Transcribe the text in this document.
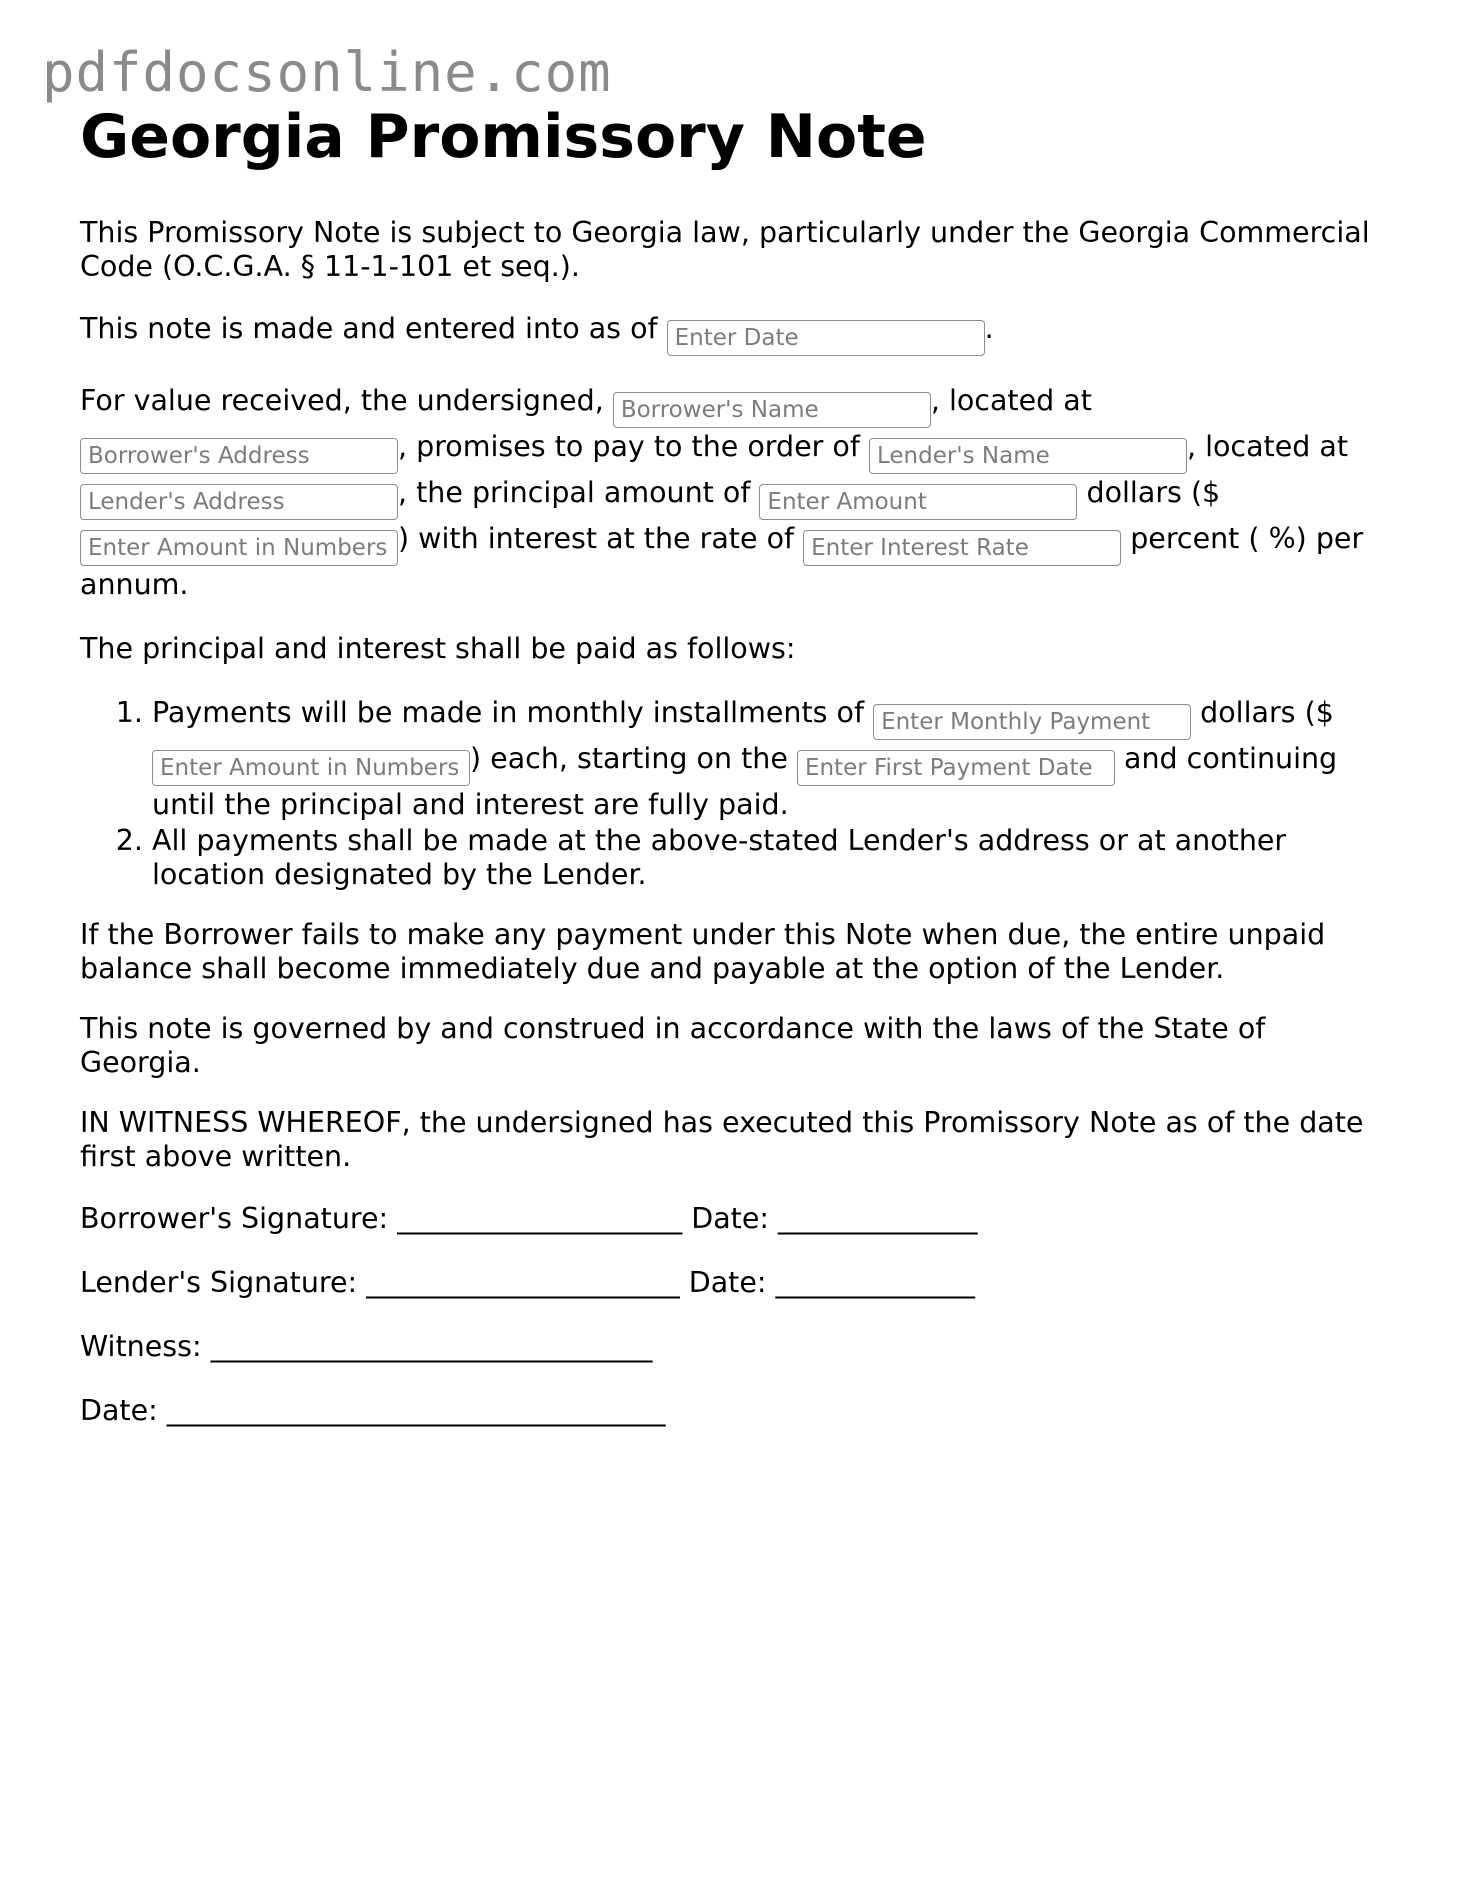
pdfdocsonline.com
Georgia Promissory Note

This Promissory Note is subject to Georgia law, particularly under the Georgia Commercial Code (O.C.G.A. § 11-1-101 et seq.).

This note is made and entered into as of Enter Date	.

For value received, the undersigned, Borrower's Name	, located at Borrower's Address, promises to pay to the order of Lender's Name	, located at Lender's Address, the principal amount of Enter Amount	dollars ($ Enter Amount in Numbers) with interest at the rate of Enter Interest Rate	percent ( %) per annum.

The principal and interest shall be paid as follows:

1. Payments will be made in monthly installments of Enter Monthly Payment	dollars ($ Enter Amount in Numbers) each, starting on the Enter First Payment Date	and continuing until the principal and interest are fully paid.
2. All payments shall be made at the above-stated Lender's address or at another location designated by the Lender.

If the Borrower fails to make any payment under this Note when due, the entire unpaid balance shall become immediately due and payable at the option of the Lender.

This note is governed by and construed in accordance with the laws of the State of Georgia.

IN WITNESS WHEREOF, the undersigned has executed this Promissory Note as of the date first above written.

Borrower's Signature: ____________________ Date: ______________

Lender's Signature: ______________________ Date: ______________

Witness: _______________________________

Date: ___________________________________
